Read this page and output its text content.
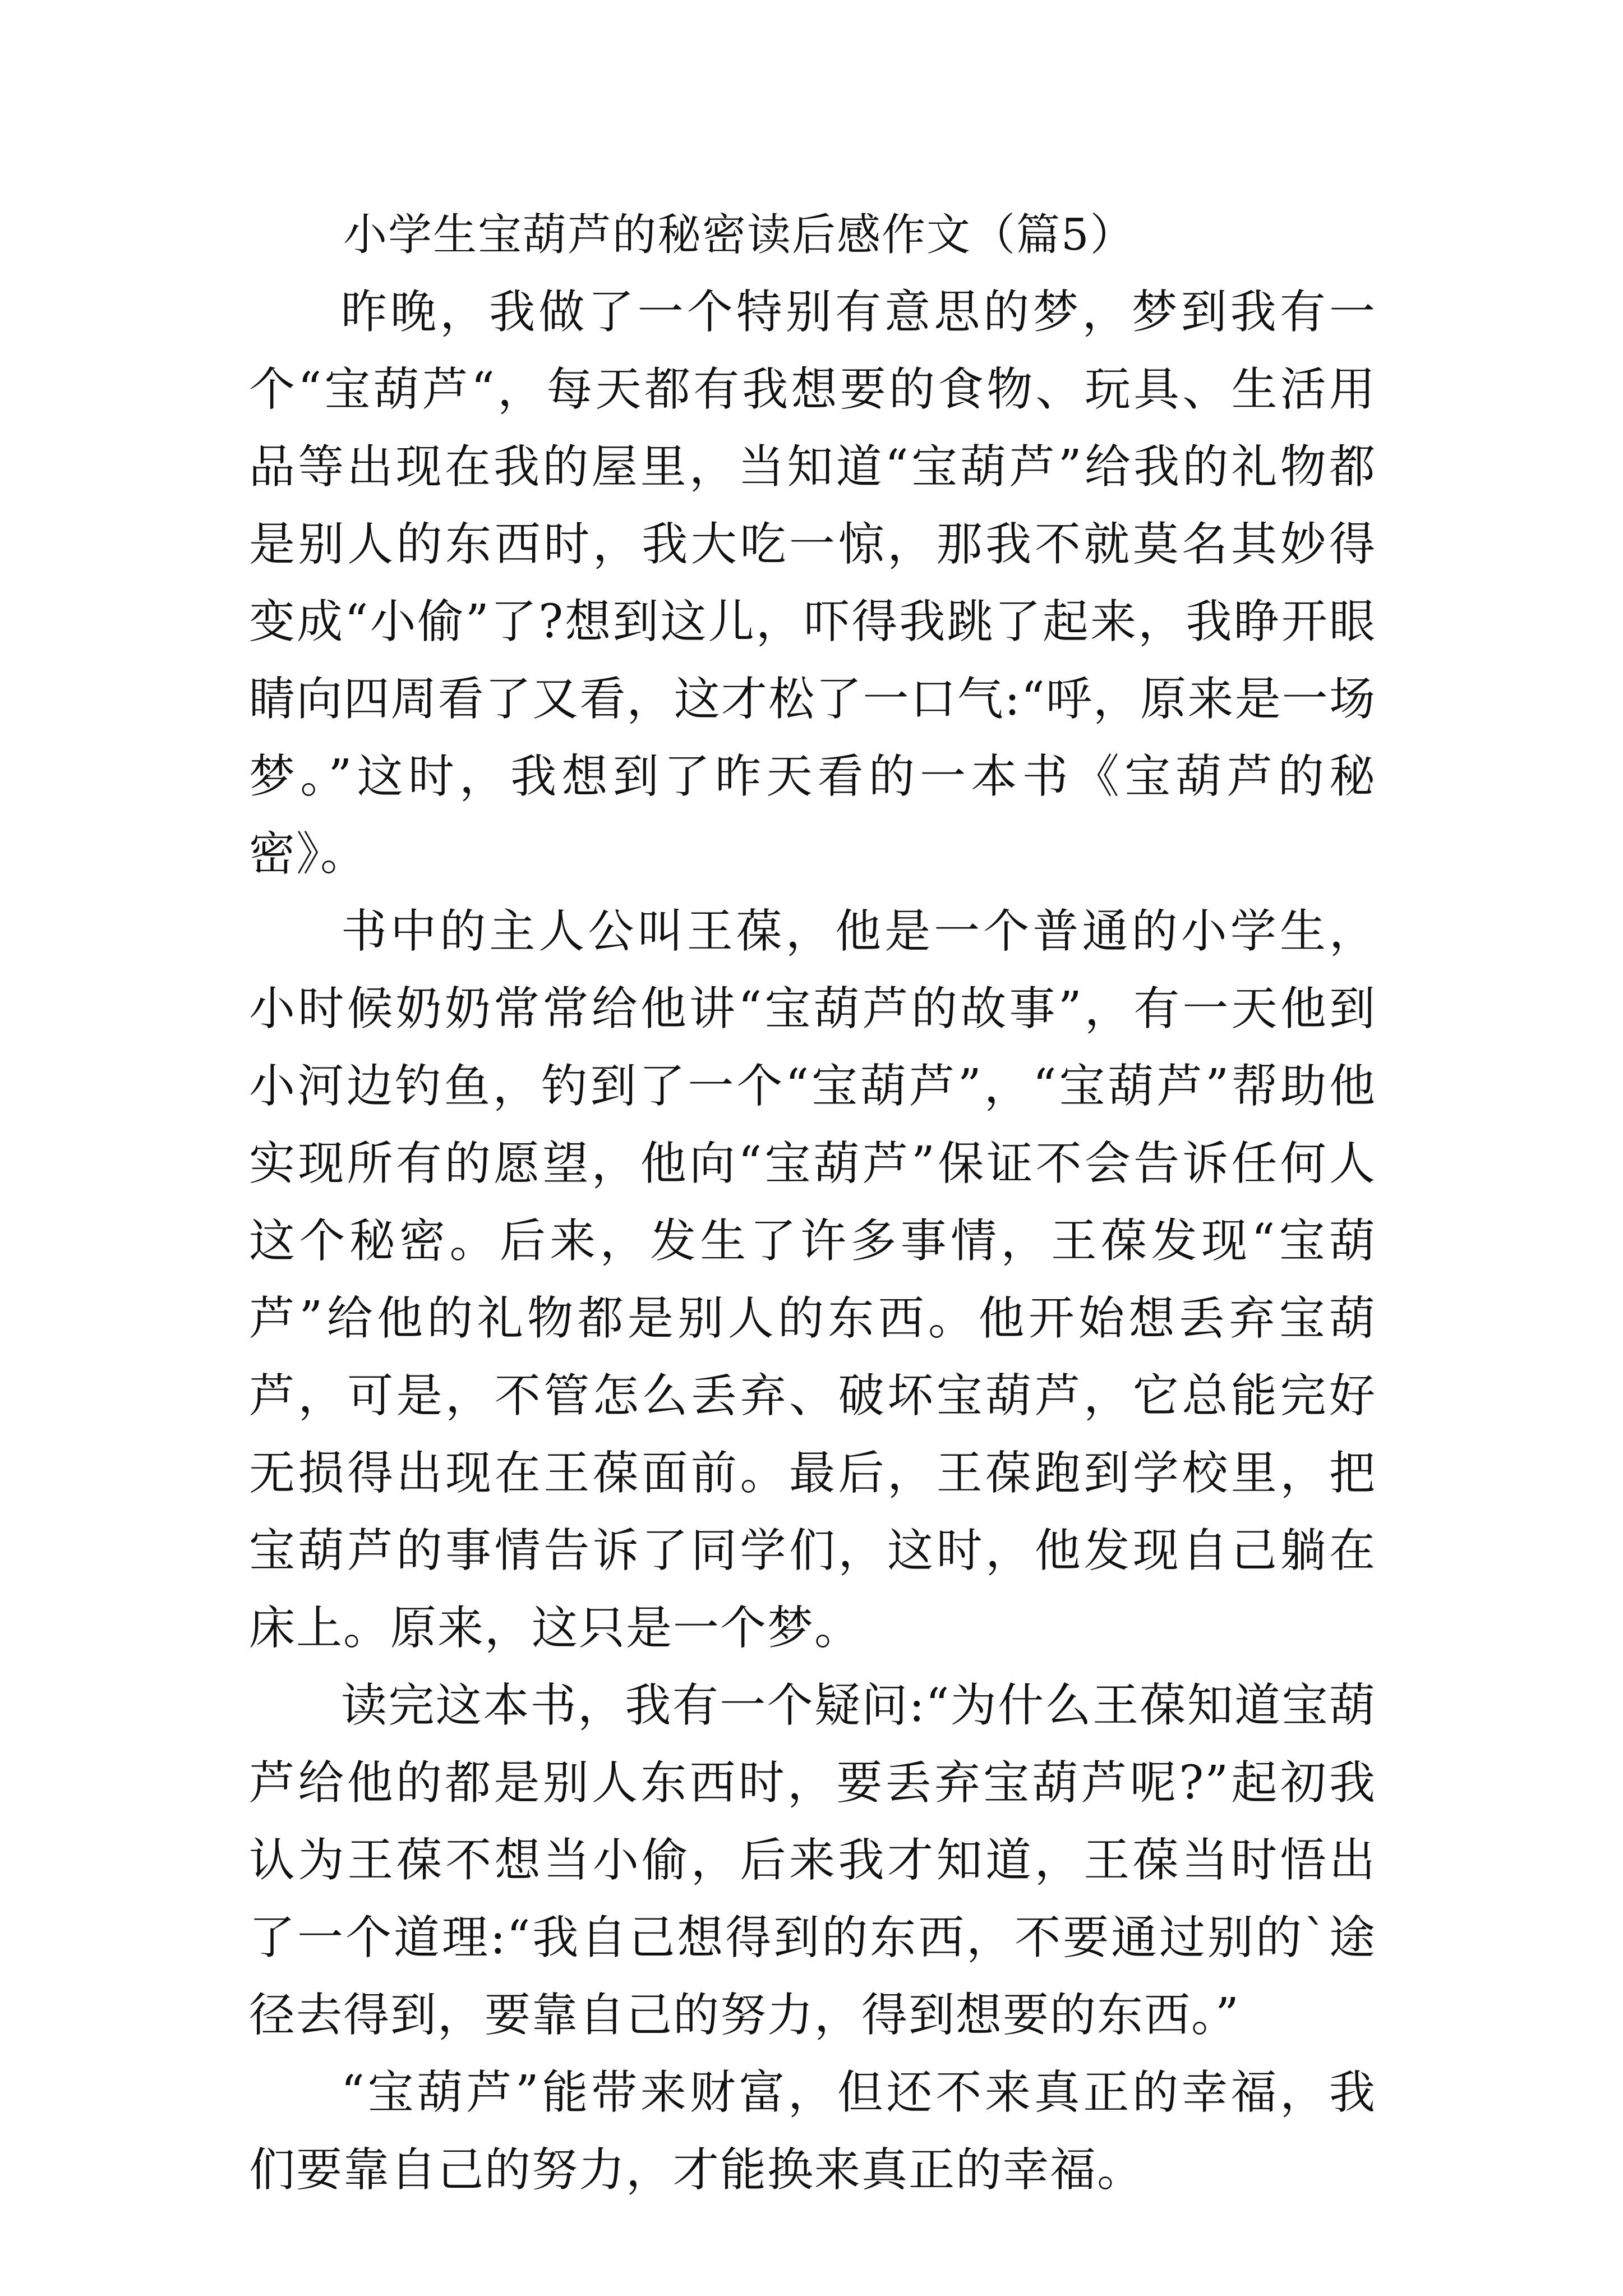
小学生宝葫芦的秘密读后感作文（篇5）

昨晚，我做了一个特别有意思的梦，梦到我有一个“宝葫芦“，每天都有我想要的食物、玩具、生活用品等出现在我的屋里，当知道“宝葫芦”给我的礼物都是别人的东西时，我大吃一惊，那我不就莫名其妙得变成“小偷”了?想到这儿，吓得我跳了起来，我睁开眼睛向四周看了又看，这才松了一口气:“呼，原来是一场梦。”这时，我想到了昨天看的一本书《宝葫芦的秘密》。

书中的主人公叫王葆，他是一个普通的小学生，小时候奶奶常常给他讲“宝葫芦的故事”，有一天他到小河边钓鱼，钓到了一个“宝葫芦”，“宝葫芦”帮助他实现所有的愿望，他向“宝葫芦”保证不会告诉任何人这个秘密。后来，发生了许多事情，王葆发现“宝葫芦”给他的礼物都是别人的东西。他开始想丢弃宝葫芦，可是，不管怎么丢弃、破坏宝葫芦，它总能完好无损得出现在王葆面前。最后，王葆跑到学校里，把宝葫芦的事情告诉了同学们，这时，他发现自己躺在床上。原来，这只是一个梦。

读完这本书，我有一个疑问:“为什么王葆知道宝葫芦给他的都是别人东西时，要丢弃宝葫芦呢?”起初我认为王葆不想当小偷，后来我才知道，王葆当时悟出了一个道理:“我自己想得到的东西，不要通过别的`途径去得到，要靠自己的努力，得到想要的东西。”

“宝葫芦”能带来财富，但还不来真正的幸福，我们要靠自己的努力，才能换来真正的幸福。
